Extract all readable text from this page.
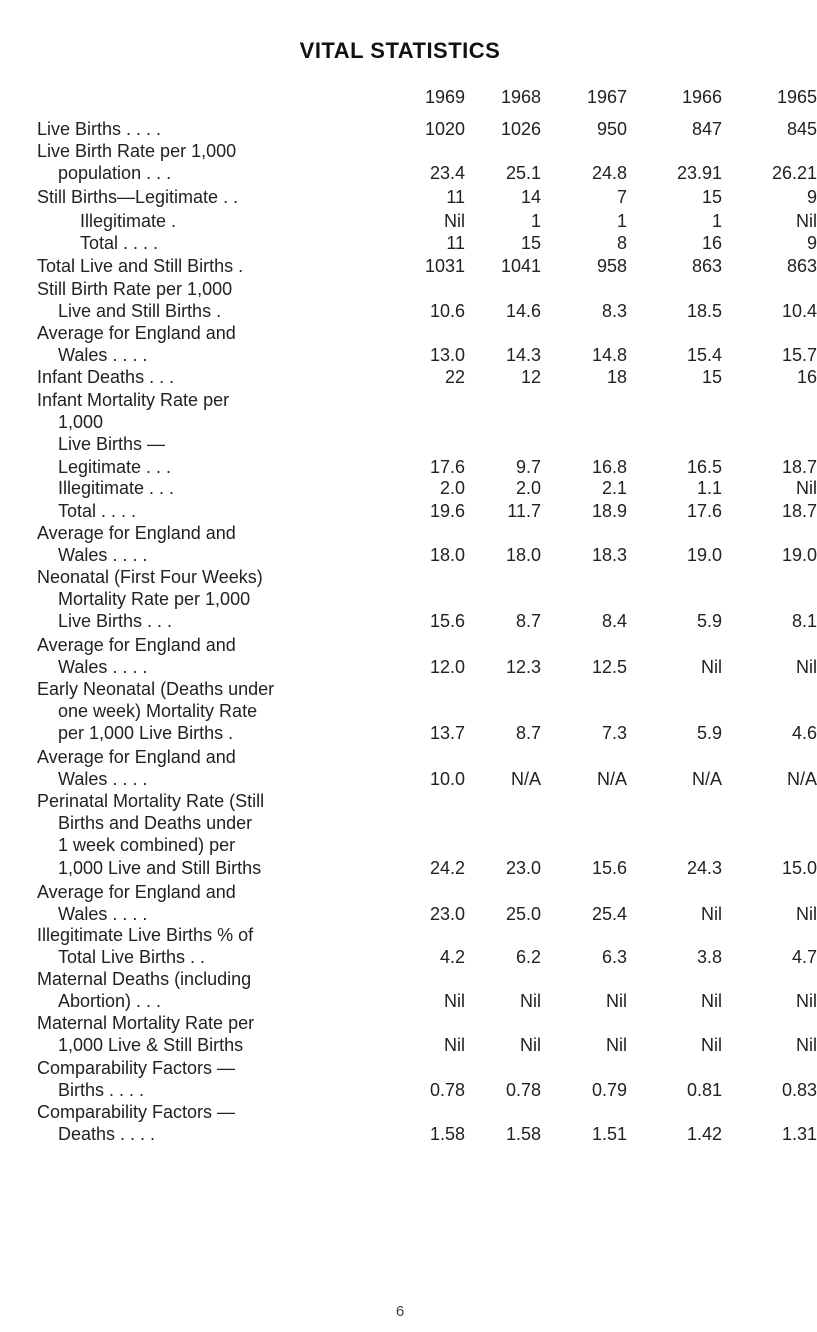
VITAL STATISTICS
1969	1968	1967	1966	1965
Live Births . . . .	1020	1026	950	847	845
Live Birth Rate per 1,000
population . . .	23.4	25.1	24.8	23.91	26.21
Still Births—Legitimate . .	11	14	7	15	9
Illegitimate .	Nil	1	1	1	Nil
Total . . . .	11	15	8	16	9
Total Live and Still Births .	1031	1041	958	863	863
Still Birth Rate per 1,000
Live and Still Births .	10.6	14.6	8.3	18.5	10.4
Average for England and
Wales . . . .	13.0	14.3	14.8	15.4	15.7
Infant Deaths . . .	22	12	18	15	16
Infant Mortality Rate per
1,000
Live Births —
Legitimate . . .	17.6	9.7	16.8	16.5	18.7
Illegitimate . . .	2.0	2.0	2.1	1.1	Nil
Total . . . .	19.6	11.7	18.9	17.6	18.7
Average for England and
Wales . . . .	18.0	18.0	18.3	19.0	19.0
Neonatal (First Four Weeks)
Mortality Rate per 1,000
Live Births . . .	15.6	8.7	8.4	5.9	8.1
Average for England and
Wales . . . .	12.0	12.3	12.5	Nil	Nil
Early Neonatal (Deaths under
one week) Mortality Rate
per 1,000 Live Births .	13.7	8.7	7.3	5.9	4.6
Average for England and
Wales . . . .	10.0	N/A	N/A	N/A	N/A
Perinatal Mortality Rate (Still
Births and Deaths under
1 week combined) per
1,000 Live and Still Births	24.2	23.0	15.6	24.3	15.0
Average for England and
Wales . . . .	23.0	25.0	25.4	Nil	Nil
Illegitimate Live Births % of
Total Live Births . .	4.2	6.2	6.3	3.8	4.7
Maternal Deaths (including
Abortion) . . .	Nil	Nil	Nil	Nil	Nil
Maternal Mortality Rate per
1,000 Live & Still Births	Nil	Nil	Nil	Nil	Nil
Comparability Factors —
Births . . . .	0.78	0.78	0.79	0.81	0.83
Comparability Factors —
Deaths . . . .	1.58	1.58	1.51	1.42	1.31
6
